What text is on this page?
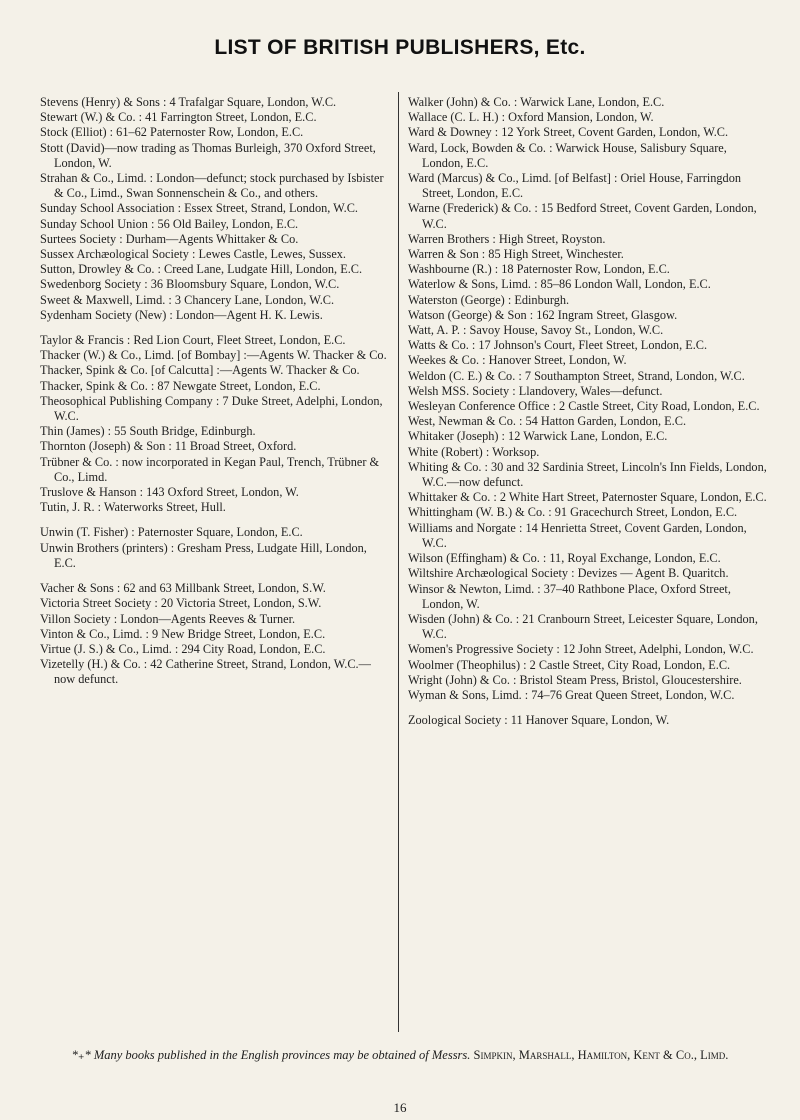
LIST OF BRITISH PUBLISHERS, Etc.

Stevens (Henry) & Sons : 4 Trafalgar Square, London, W.C.

Stewart (W.) & Co. : 41 Farrington Street, London, E.C.

Stock (Elliot) : 61–62 Paternoster Row, London, E.C.

Stott (David)—now trading as Thomas Burleigh, 370 Oxford Street, London, W.

Strahan & Co., Limd. : London—defunct; stock purchased by Isbister & Co., Limd., Swan Sonnenschein & Co., and others.

Sunday School Association : Essex Street, Strand, London, W.C.

Sunday School Union : 56 Old Bailey, London, E.C.

Surtees Society : Durham—Agents Whittaker & Co.

Sussex Archæological Society : Lewes Castle, Lewes, Sussex.

Sutton, Drowley & Co. : Creed Lane, Ludgate Hill, London, E.C.

Swedenborg Society : 36 Bloomsbury Square, London, W.C.

Sweet & Maxwell, Limd. : 3 Chancery Lane, London, W.C.

Sydenham Society (New) : London—Agent H. K. Lewis.

Taylor & Francis : Red Lion Court, Fleet Street, London, E.C.

Thacker (W.) & Co., Limd. [of Bombay] :—Agents W. Thacker & Co.

Thacker, Spink & Co. [of Calcutta] :—Agents W. Thacker & Co.

Thacker, Spink & Co. : 87 Newgate Street, London, E.C.

Theosophical Publishing Company : 7 Duke Street, Adelphi, London, W.C.

Thin (James) : 55 South Bridge, Edinburgh.

Thornton (Joseph) & Son : 11 Broad Street, Oxford.

Trübner & Co. : now incorporated in Kegan Paul, Trench, Trübner & Co., Limd.

Truslove & Hanson : 143 Oxford Street, London, W.

Tutin, J. R. : Waterworks Street, Hull.

Unwin (T. Fisher) : Paternoster Square, London, E.C.

Unwin Brothers (printers) : Gresham Press, Ludgate Hill, London, E.C.

Vacher & Sons : 62 and 63 Millbank Street, London, S.W.

Victoria Street Society : 20 Victoria Street, London, S.W.

Villon Society : London—Agents Reeves & Turner.

Vinton & Co., Limd. : 9 New Bridge Street, London, E.C.

Virtue (J. S.) & Co., Limd. : 294 City Road, London, E.C.

Vizetelly (H.) & Co. : 42 Catherine Street, Strand, London, W.C.—now defunct.

Walker (John) & Co. : Warwick Lane, London, E.C.

Wallace (C. L. H.) : Oxford Mansion, London, W.

Ward & Downey : 12 York Street, Covent Garden, London, W.C.

Ward, Lock, Bowden & Co. : Warwick House, Salisbury Square, London, E.C.

Ward (Marcus) & Co., Limd. [of Belfast] : Oriel House, Farringdon Street, London, E.C.

Warne (Frederick) & Co. : 15 Bedford Street, Covent Garden, London, W.C.

Warren Brothers : High Street, Royston.

Warren & Son : 85 High Street, Winchester.

Washbourne (R.) : 18 Paternoster Row, London, E.C.

Waterlow & Sons, Limd. : 85–86 London Wall, London, E.C.

Waterston (George) : Edinburgh.

Watson (George) & Son : 162 Ingram Street, Glasgow.

Watt, A. P. : Savoy House, Savoy St., London, W.C.

Watts & Co. : 17 Johnson's Court, Fleet Street, London, E.C.

Weekes & Co. : Hanover Street, London, W.

Weldon (C. E.) & Co. : 7 Southampton Street, Strand, London, W.C.

Welsh MSS. Society : Llandovery, Wales—defunct.

Wesleyan Conference Office : 2 Castle Street, City Road, London, E.C.

West, Newman & Co. : 54 Hatton Garden, London, E.C.

Whitaker (Joseph) : 12 Warwick Lane, London, E.C.

White (Robert) : Worksop.

Whiting & Co. : 30 and 32 Sardinia Street, Lincoln's Inn Fields, London, W.C.—now defunct.

Whittaker & Co. : 2 White Hart Street, Paternoster Square, London, E.C.

Whittingham (W. B.) & Co. : 91 Gracechurch Street, London, E.C.

Williams and Norgate : 14 Henrietta Street, Covent Garden, London, W.C.

Wilson (Effingham) & Co. : 11, Royal Exchange, London, E.C.

Wiltshire Archæological Society : Devizes — Agent B. Quaritch.

Winsor & Newton, Limd. : 37–40 Rathbone Place, Oxford Street, London, W.

Wisden (John) & Co. : 21 Cranbourn Street, Leicester Square, London, W.C.

Women's Progressive Society : 12 John Street, Adelphi, London, W.C.

Woolmer (Theophilus) : 2 Castle Street, City Road, London, E.C.

Wright (John) & Co. : Bristol Steam Press, Bristol, Gloucestershire.

Wyman & Sons, Limd. : 74–76 Great Queen Street, London, W.C.

Zoological Society : 11 Hanover Square, London, W.

*₊* Many books published in the English provinces may be obtained of Messrs. Simpkin, Marshall, Hamilton, Kent & Co., Limd.
16
